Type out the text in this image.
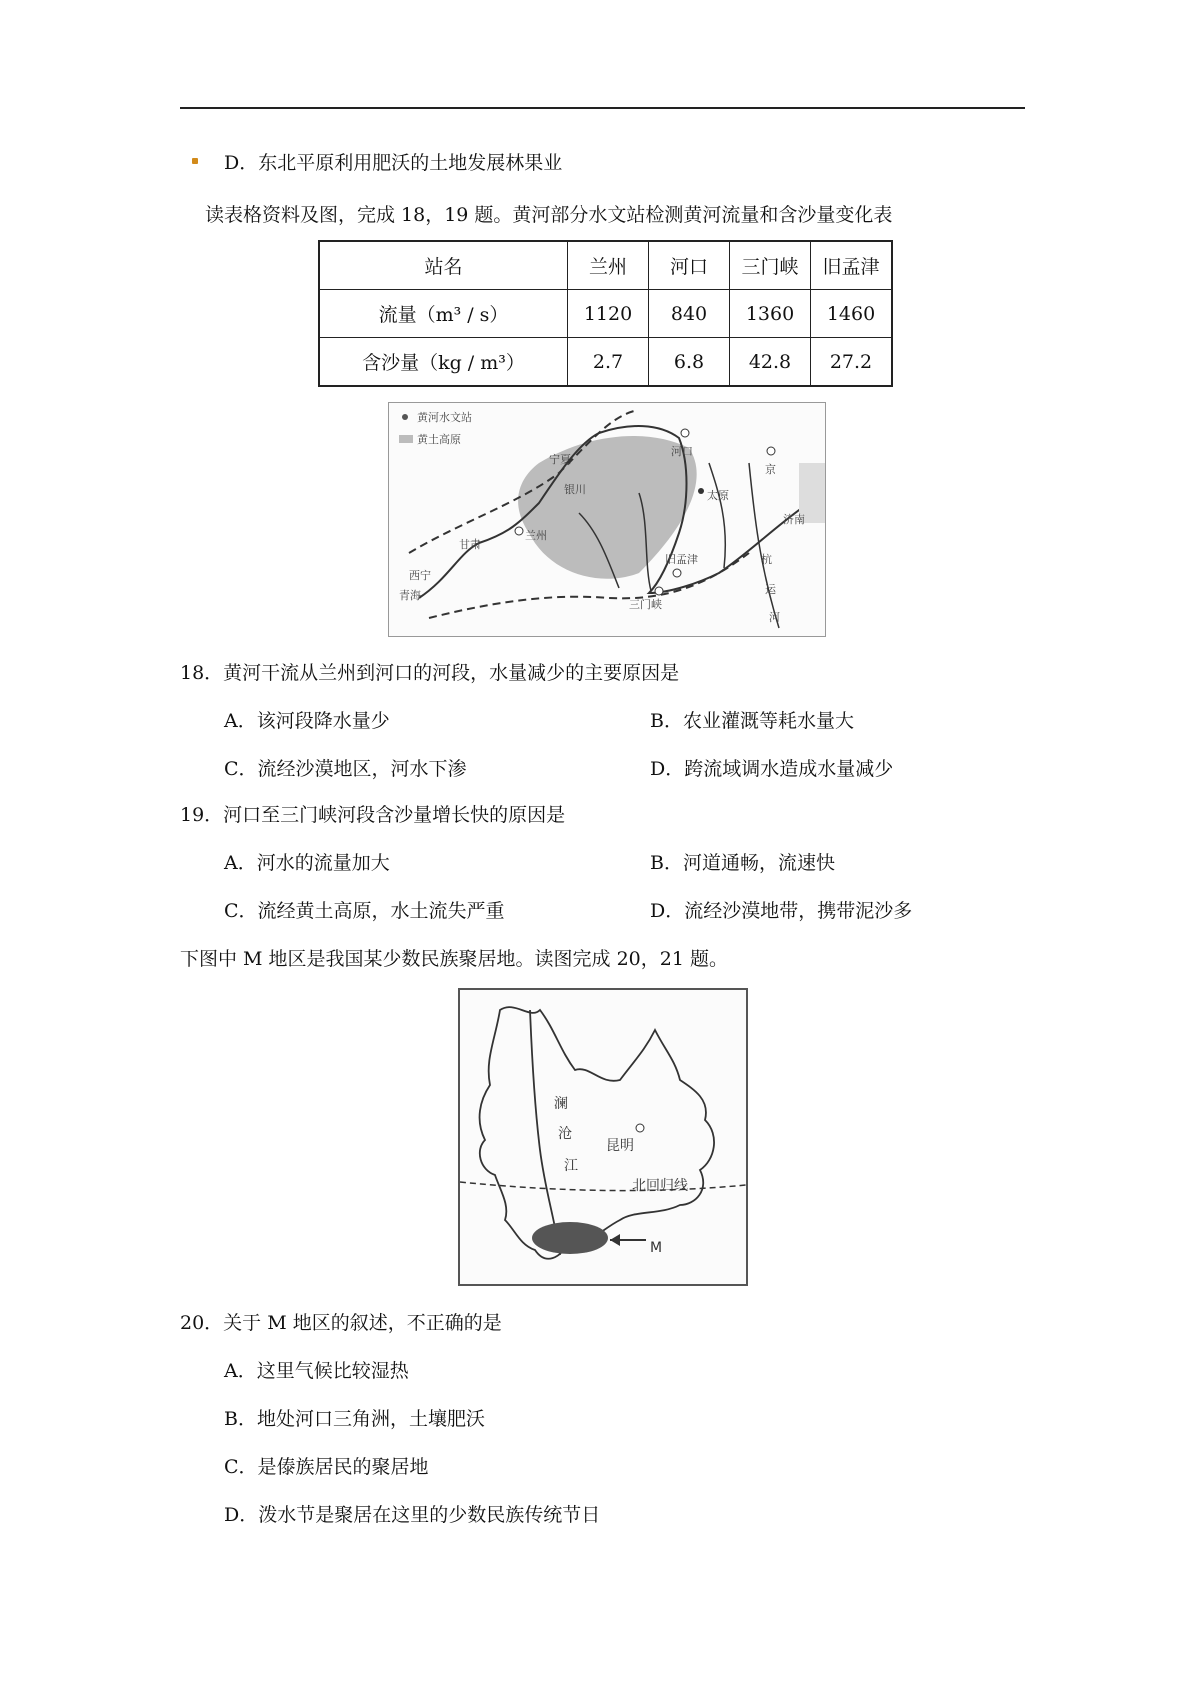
D．东北平原利用肥沃的土地发展林果业
读表格资料及图，完成 18，19 题。黄河部分水文站检测黄河流量和含沙量变化表
站名	兰州	河口	三门峡	旧孟津
流量（m³ / s）	1120	840	1360	1460
含沙量（kg / m³）	2.7	6.8	42.8	27.2
黄河水文站
黄土高原
兰州
河口
三门峡
旧孟津
太原
京
济南
杭
运
河
西宁
甘肃
青海
宁夏
银川
18．黄河干流从兰州到河口的河段，水量减少的主要原因是
A．该河段降水量少	B．农业灌溉等耗水量大
C．流经沙漠地区，河水下渗	D．跨流域调水造成水量减少
19．河口至三门峡河段含沙量增长快的原因是
A．河水的流量加大	B．河道通畅，流速快
C．流经黄土高原，水土流失严重	D．流经沙漠地带，携带泥沙多
下图中 M 地区是我国某少数民族聚居地。读图完成 20，21 题。
澜
沧
江
昆明
北回归线
M
20．关于 M 地区的叙述，不正确的是
A．这里气候比较湿热
B．地处河口三角洲，土壤肥沃
C．是傣族居民的聚居地
D．泼水节是聚居在这里的少数民族传统节日
